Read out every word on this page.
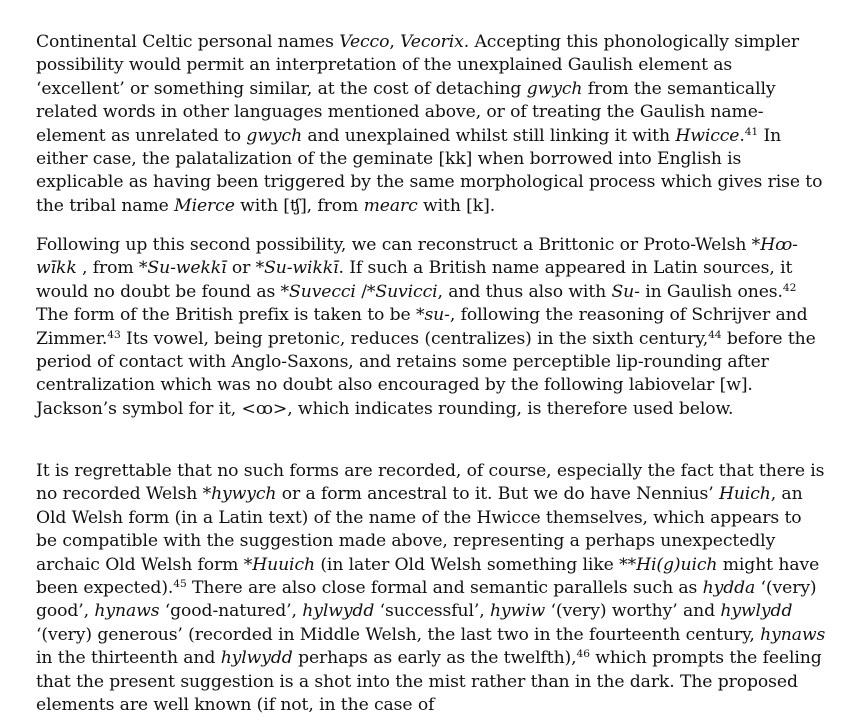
Continental Celtic personal names Vecco, Vecorix. Accepting this phonologically simpler possibility would permit an interpretation of the unexplained Gaulish element as ‘excellent’ or something similar, at the cost of detaching gwych from the semantically related words in other languages mentioned above, or of treating the Gaulish name-element as unrelated to gwych and unexplained whilst still linking it with Hwicce.$^{41}$ In either case, the palatalization of the geminate [kk] when borrowed into English is explicable as having been triggered by the same morphological process which gives rise to the tribal name Mierce with [ʧ], from mearc with [k].

Following up this second possibility, we can reconstruct a Brittonic or Proto-Welsh *Hꝏ-wīkk , from *Su-wekkī or *Su-wikkī. If such a British name appeared in Latin sources, it would no doubt be found as *Suvecci /*Suvicci, and thus also with Su- in Gaulish ones.$^{42}$ The form of the British prefix is taken to be *su-, following the reasoning of Schrijver and Zimmer.$^{43}$ Its vowel, being pretonic, reduces (centralizes) in the sixth century,$^{44}$ before the period of contact with Anglo-Saxons, and retains some perceptible lip-rounding after centralization which was no doubt also encouraged by the following labiovelar [w]. Jackson’s symbol for it, <ꝏ>, which indicates rounding, is therefore used below.

It is regrettable that no such forms are recorded, of course, especially the fact that there is no recorded Welsh *hywych or a form ancestral to it. But we do have Nennius’ Huich, an Old Welsh form (in a Latin text) of the name of the Hwicce themselves, which appears to be compatible with the suggestion made above, representing a perhaps unexpectedly archaic Old Welsh form *Huuich (in later Old Welsh something like **Hi(g)uich might have been expected).$^{45}$ There are also close formal and semantic parallels such as hydda ‘(very) good’, hynaws ‘good-natured’, hylwydd ‘successful’, hywiw ‘(very) worthy’ and hywlydd ‘(very) generous’ (recorded in Middle Welsh, the last two in the fourteenth century, hynaws in the thirteenth and hylwydd perhaps as early as the twelfth),$^{46}$ which prompts the feeling that the present suggestion is a shot into the mist rather than in the dark. The proposed elements are well known (if not, in the case of
